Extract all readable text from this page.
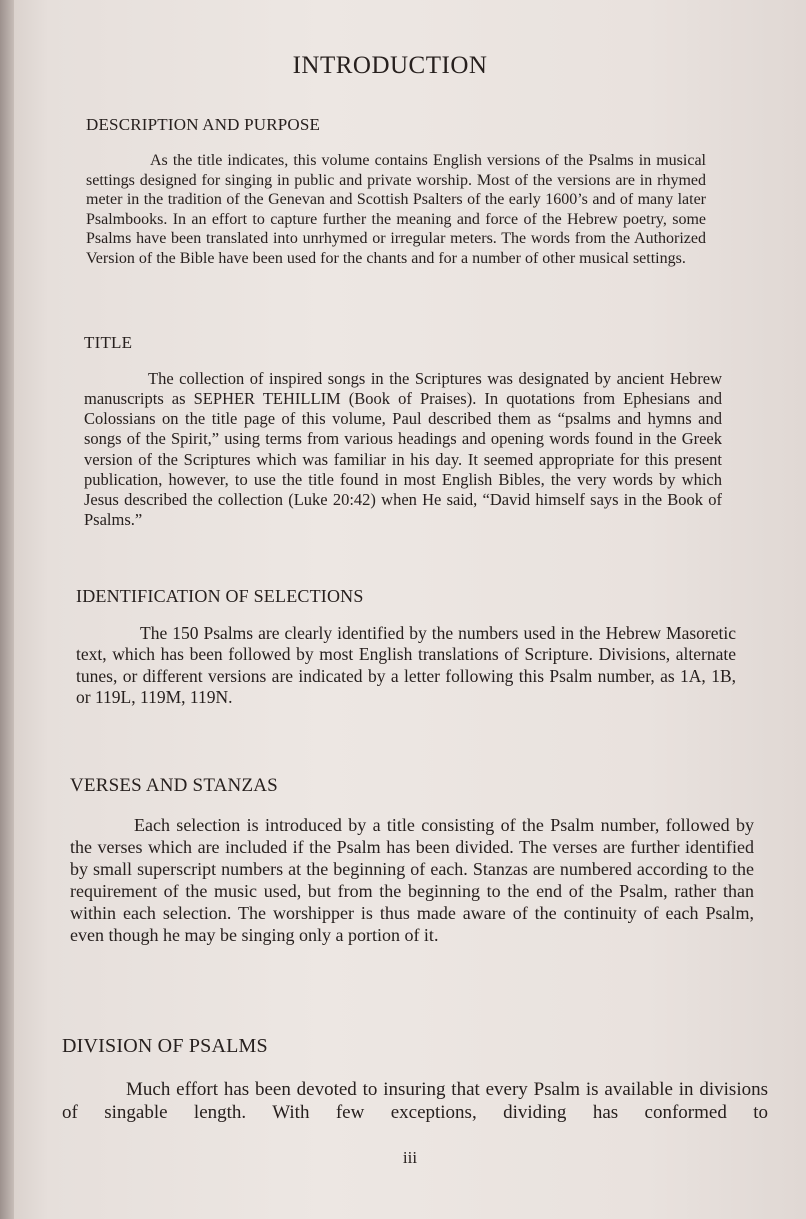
INTRODUCTION
DESCRIPTION AND PURPOSE

As the title indicates, this volume contains English versions of the Psalms in musical settings designed for singing in public and private worship. Most of the versions are in rhymed meter in the tradition of the Genevan and Scottish Psalters of the early 1600’s and of many later Psalmbooks. In an effort to capture further the meaning and force of the Hebrew poetry, some Psalms have been translated into unrhymed or irregular meters. The words from the Authorized Version of the Bible have been used for the chants and for a number of other musical settings.

TITLE

The collection of inspired songs in the Scriptures was designated by ancient Hebrew manuscripts as SEPHER TEHILLIM (Book of Praises). In quotations from Ephesians and Colossians on the title page of this volume, Paul described them as “psalms and hymns and songs of the Spirit,” using terms from various headings and opening words found in the Greek version of the Scriptures which was familiar in his day. It seemed appropriate for this present publication, however, to use the title found in most English Bibles, the very words by which Jesus described the collection (Luke 20:42) when He said, “David himself says in the Book of Psalms.”

IDENTIFICATION OF SELECTIONS

The 150 Psalms are clearly identified by the numbers used in the Hebrew Masoretic text, which has been followed by most English translations of Scripture. Divisions, alternate tunes, or different versions are indicated by a letter following this Psalm number, as 1A, 1B, or 119L, 119M, 119N.

VERSES AND STANZAS

Each selection is introduced by a title consisting of the Psalm number, followed by the verses which are included if the Psalm has been divided. The verses are further identified by small superscript numbers at the beginning of each. Stanzas are numbered according to the requirement of the music used, but from the beginning to the end of the Psalm, rather than within each selection. The worshipper is thus made aware of the continuity of each Psalm, even though he may be singing only a portion of it.

DIVISION OF PSALMS

Much effort has been devoted to insuring that every Psalm is available in divisions of singable length. With few exceptions, dividing has conformed to

iii
